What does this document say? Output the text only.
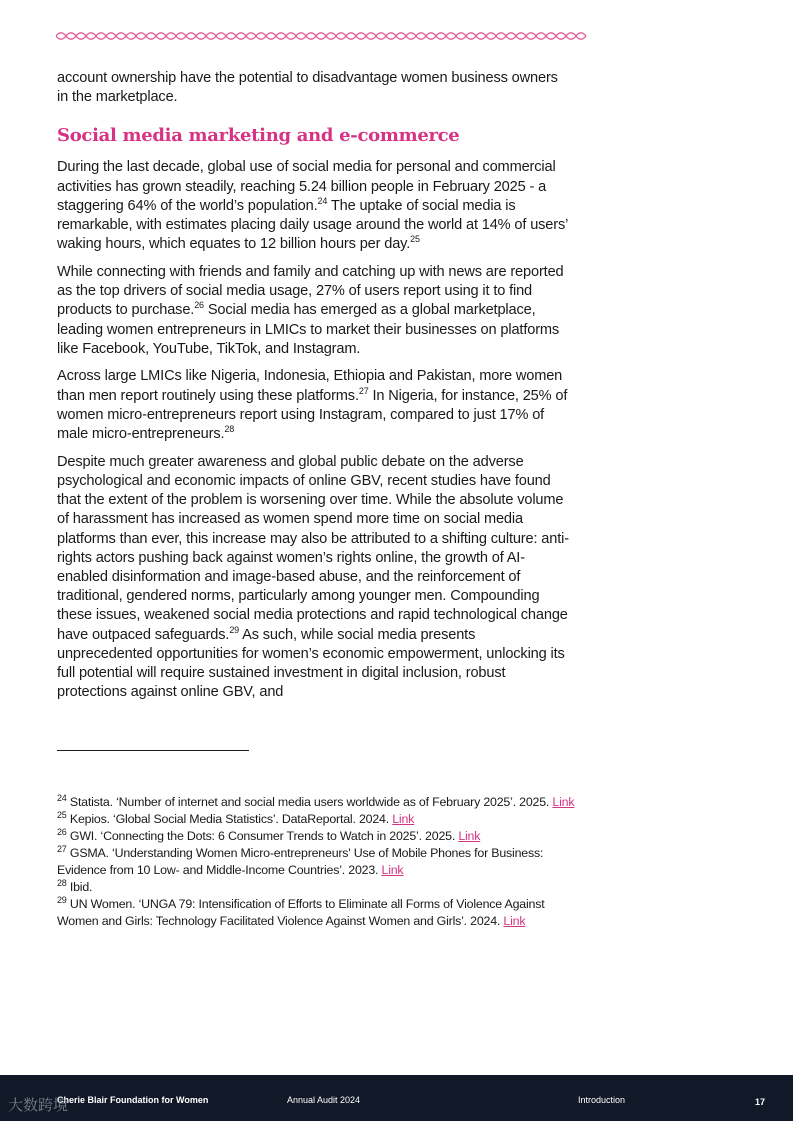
account ownership have the potential to disadvantage women business owners in the marketplace.

Social media marketing and e-commerce

During the last decade, global use of social media for personal and commercial activities has grown steadily, reaching 5.24 billion people in February 2025 - a staggering 64% of the world’s population.$^{24}$ The uptake of social media is remarkable, with estimates placing daily usage around the world at 14% of users’ waking hours, which equates to 12 billion hours per day.$^{25}$

While connecting with friends and family and catching up with news are reported as the top drivers of social media usage, 27% of users report using it to find products to purchase.$^{26}$ Social media has emerged as a global marketplace, leading women entrepreneurs in LMICs to market their businesses on platforms like Facebook, YouTube, TikTok, and Instagram.

Across large LMICs like Nigeria, Indonesia, Ethiopia and Pakistan, more women than men report routinely using these platforms.$^{27}$ In Nigeria, for instance, 25% of women micro-entrepreneurs report using Instagram, compared to just 17% of male micro-entrepreneurs.$^{28}$

Despite much greater awareness and global public debate on the adverse psychological and economic impacts of online GBV, recent studies have found that the extent of the problem is worsening over time. While the absolute volume of harassment has increased as women spend more time on social media platforms than ever, this increase may also be attributed to a shifting culture: anti-rights actors pushing back against women’s rights online, the growth of AI-enabled disinformation and image-based abuse, and the reinforcement of traditional, gendered norms, particularly among younger men. Compounding these issues, weakened social media protections and rapid technological change have outpaced safeguards.$^{29}$ As such, while social media presents unprecedented opportunities for women’s economic empowerment, unlocking its full potential will require sustained investment in digital inclusion, robust protections against online GBV, and

$^{24}$ Statista. ‘Number of internet and social media users worldwide as of February 2025’. 2025. Link

$^{25}$ Kepios. ‘Global Social Media Statistics’. DataReportal. 2024. Link

$^{26}$ GWI. ‘Connecting the Dots: 6 Consumer Trends to Watch in 2025’. 2025. Link

$^{27}$ GSMA. ‘Understanding Women Micro-entrepreneurs' Use of Mobile Phones for Business: Evidence from 10 Low- and Middle-Income Countries’. 2023. Link

$^{28}$ Ibid.

$^{29}$ UN Women. ‘UNGA 79: Intensification of Efforts to Eliminate all Forms of Violence Against Women and Girls: Technology Facilitated Violence Against Women and Girls’. 2024. Link

Cherie Blair Foundation for Women	Annual Audit 2024	Introduction	17
大数跨境
